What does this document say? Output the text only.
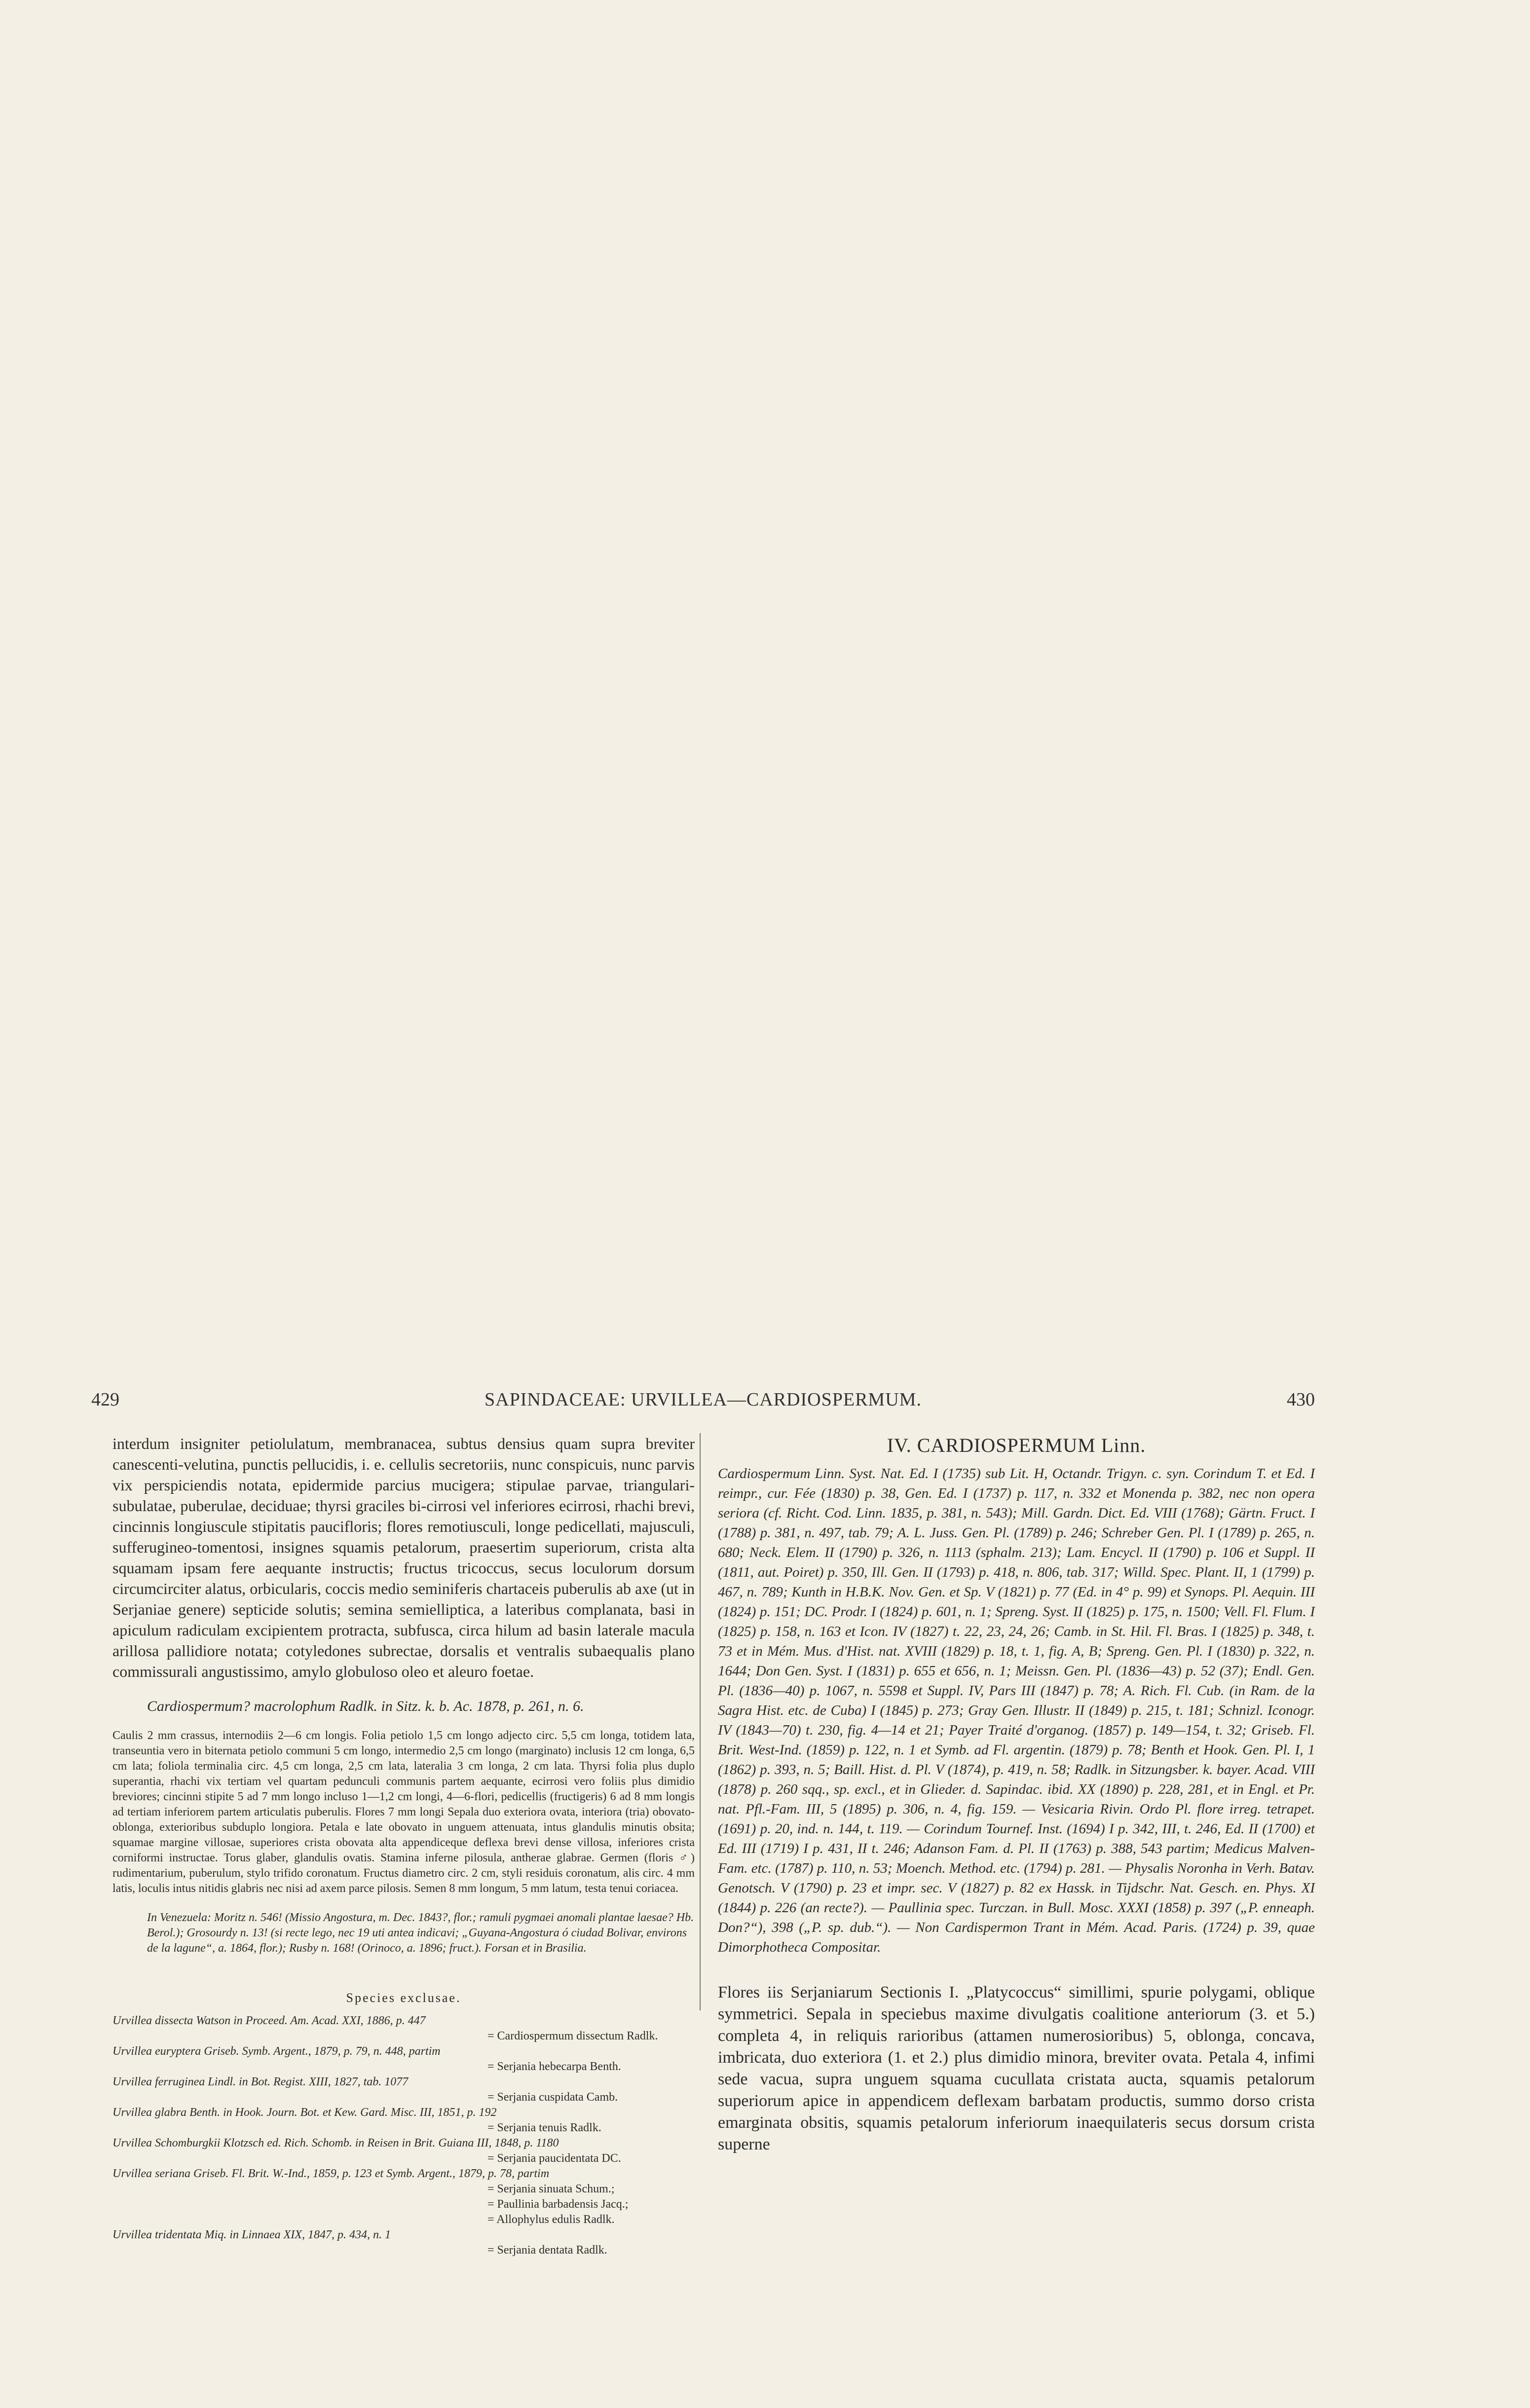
429	SAPINDACEAE: URVILLEA—CARDIOSPERMUM.	430

interdum insigniter petiolulatum, membranacea, subtus densius quam supra breviter canescenti-velutina, punctis pellucidis, i. e. cellulis secretoriis, nunc conspicuis, nunc parvis vix perspiciendis notata, epidermide parcius mucigera; stipulae parvae, triangulari-subulatae, puberulae, deciduae; thyrsi graciles bi-cirrosi vel inferiores ecirrosi, rhachi brevi, cincinnis longiuscule stipitatis paucifloris; flores remotiusculi, longe pedicellati, majusculi, sufferugineo-tomentosi, insignes squamis petalorum, praesertim superiorum, crista alta squamam ipsam fere aequante instructis; fructus tricoccus, secus loculorum dorsum circumcirciter alatus, orbicularis, coccis medio seminiferis chartaceis puberulis ab axe (ut in Serjaniae genere) septicide solutis; semina semielliptica, a lateribus complanata, basi in apiculum radiculam excipientem protracta, subfusca, circa hilum ad basin laterale macula arillosa pallidiore notata; cotyledones subrectae, dorsalis et ventralis subaequalis plano commissurali angustissimo, amylo globuloso oleo et aleuro foetae.

Cardiospermum? macrolophum Radlk. in Sitz. k. b. Ac. 1878, p. 261, n. 6.

Caulis 2 mm crassus, internodiis 2—6 cm longis. Folia petiolo 1,5 cm longo adjecto circ. 5,5 cm longa, totidem lata, transeuntia vero in biternata petiolo communi 5 cm longo, intermedio 2,5 cm longo (marginato) inclusis 12 cm longa, 6,5 cm lata; foliola terminalia circ. 4,5 cm longa, 2,5 cm lata, lateralia 3 cm longa, 2 cm lata. Thyrsi folia plus duplo superantia, rhachi vix tertiam vel quartam pedunculi communis partem aequante, ecirrosi vero foliis plus dimidio breviores; cincinni stipite 5 ad 7 mm longo incluso 1—1,2 cm longi, 4—6-flori, pedicellis (fructigeris) 6 ad 8 mm longis ad tertiam inferiorem partem articulatis puberulis. Flores 7 mm longi Sepala duo exteriora ovata, interiora (tria) obovato-oblonga, exterioribus subduplo longiora. Petala e late obovato in unguem attenuata, intus glandulis minutis obsita; squamae margine villosae, superiores crista obovata alta appendiceque deflexa brevi dense villosa, inferiores crista corniformi instructae. Torus glaber, glandulis ovatis. Stamina inferne pilosula, antherae glabrae. Germen (floris ♂) rudimentarium, puberulum, stylo trifido coronatum. Fructus diametro circ. 2 cm, styli residuis coronatum, alis circ. 4 mm latis, loculis intus nitidis glabris nec nisi ad axem parce pilosis. Semen 8 mm longum, 5 mm latum, testa tenui coriacea.

In Venezuela: Moritz n. 546! (Missio Angostura, m. Dec. 1843?, flor.; ramuli pygmaei anomali plantae laesae? Hb. Berol.); Grosourdy n. 13! (si recte lego, nec 19 uti antea indicavi; „Guyana-Angostura ó ciudad Bolivar, environs de la lagune“, a. 1864, flor.); Rusby n. 168! (Orinoco, a. 1896; fruct.). Forsan et in Brasilia.

Species exclusae.
Urvillea dissecta Watson in Proceed. Am. Acad. XXI, 1886, p. 447
= Cardiospermum dissectum Radlk.
Urvillea euryptera Griseb. Symb. Argent., 1879, p. 79, n. 448, partim
= Serjania hebecarpa Benth.
Urvillea ferruginea Lindl. in Bot. Regist. XIII, 1827, tab. 1077
= Serjania cuspidata Camb.
Urvillea glabra Benth. in Hook. Journ. Bot. et Kew. Gard. Misc. III, 1851, p. 192
= Serjania tenuis Radlk.
Urvillea Schomburgkii Klotzsch ed. Rich. Schomb. in Reisen in Brit. Guiana III, 1848, p. 1180
= Serjania paucidentata DC.
Urvillea seriana Griseb. Fl. Brit. W.-Ind., 1859, p. 123 et Symb. Argent., 1879, p. 78, partim
= Serjania sinuata Schum.;
= Paullinia barbadensis Jacq.;
= Allophylus edulis Radlk.
Urvillea tridentata Miq. in Linnaea XIX, 1847, p. 434, n. 1
= Serjania dentata Radlk.
IV. CARDIOSPERMUM Linn.

Cardiospermum Linn. Syst. Nat. Ed. I (1735) sub Lit. H, Octandr. Trigyn. c. syn. Corindum T. et Ed. I reimpr., cur. Fée (1830) p. 38, Gen. Ed. I (1737) p. 117, n. 332 et Monenda p. 382, nec non opera seriora (cf. Richt. Cod. Linn. 1835, p. 381, n. 543); Mill. Gardn. Dict. Ed. VIII (1768); Gärtn. Fruct. I (1788) p. 381, n. 497, tab. 79; A. L. Juss. Gen. Pl. (1789) p. 246; Schreber Gen. Pl. I (1789) p. 265, n. 680; Neck. Elem. II (1790) p. 326, n. 1113 (sphalm. 213); Lam. Encycl. II (1790) p. 106 et Suppl. II (1811, aut. Poiret) p. 350, Ill. Gen. II (1793) p. 418, n. 806, tab. 317; Willd. Spec. Plant. II, 1 (1799) p. 467, n. 789; Kunth in H.B.K. Nov. Gen. et Sp. V (1821) p. 77 (Ed. in 4° p. 99) et Synops. Pl. Aequin. III (1824) p. 151; DC. Prodr. I (1824) p. 601, n. 1; Spreng. Syst. II (1825) p. 175, n. 1500; Vell. Fl. Flum. I (1825) p. 158, n. 163 et Icon. IV (1827) t. 22, 23, 24, 26; Camb. in St. Hil. Fl. Bras. I (1825) p. 348, t. 73 et in Mém. Mus. d'Hist. nat. XVIII (1829) p. 18, t. 1, fig. A, B; Spreng. Gen. Pl. I (1830) p. 322, n. 1644; Don Gen. Syst. I (1831) p. 655 et 656, n. 1; Meissn. Gen. Pl. (1836—43) p. 52 (37); Endl. Gen. Pl. (1836—40) p. 1067, n. 5598 et Suppl. IV, Pars III (1847) p. 78; A. Rich. Fl. Cub. (in Ram. de la Sagra Hist. etc. de Cuba) I (1845) p. 273; Gray Gen. Illustr. II (1849) p. 215, t. 181; Schnizl. Iconogr. IV (1843—70) t. 230, fig. 4—14 et 21; Payer Traité d'organog. (1857) p. 149—154, t. 32; Griseb. Fl. Brit. West-Ind. (1859) p. 122, n. 1 et Symb. ad Fl. argentin. (1879) p. 78; Benth et Hook. Gen. Pl. I, 1 (1862) p. 393, n. 5; Baill. Hist. d. Pl. V (1874), p. 419, n. 58; Radlk. in Sitzungsber. k. bayer. Acad. VIII (1878) p. 260 sqq., sp. excl., et in Glieder. d. Sapindac. ibid. XX (1890) p. 228, 281, et in Engl. et Pr. nat. Pfl.-Fam. III, 5 (1895) p. 306, n. 4, fig. 159. — Vesicaria Rivin. Ordo Pl. flore irreg. tetrapet. (1691) p. 20, ind. n. 144, t. 119. — Corindum Tournef. Inst. (1694) I p. 342, III, t. 246, Ed. II (1700) et Ed. III (1719) I p. 431, II t. 246; Adanson Fam. d. Pl. II (1763) p. 388, 543 partim; Medicus Malven-Fam. etc. (1787) p. 110, n. 53; Moench. Method. etc. (1794) p. 281. — Physalis Noronha in Verh. Batav. Genotsch. V (1790) p. 23 et impr. sec. V (1827) p. 82 ex Hassk. in Tijdschr. Nat. Gesch. en. Phys. XI (1844) p. 226 (an recte?). — Paullinia spec. Turczan. in Bull. Mosc. XXXI (1858) p. 397 („P. enneaph. Don?“), 398 („P. sp. dub.“). — Non Cardispermon Trant in Mém. Acad. Paris. (1724) p. 39, quae Dimorphotheca Compositar.

Flores iis Serjaniarum Sectionis I. „Platycoccus“ simillimi, spurie polygami, oblique symmetrici. Sepala in speciebus maxime divulgatis coalitione anteriorum (3. et 5.) completa 4, in reliquis rarioribus (attamen numerosioribus) 5, oblonga, concava, imbricata, duo exteriora (1. et 2.) plus dimidio minora, breviter ovata. Petala 4, infimi sede vacua, supra unguem squama cucullata cristata aucta, squamis petalorum superiorum apice in appendicem deflexam barbatam productis, summo dorso crista emarginata obsitis, squamis petalorum inferiorum inaequilateris secus dorsum crista superne
